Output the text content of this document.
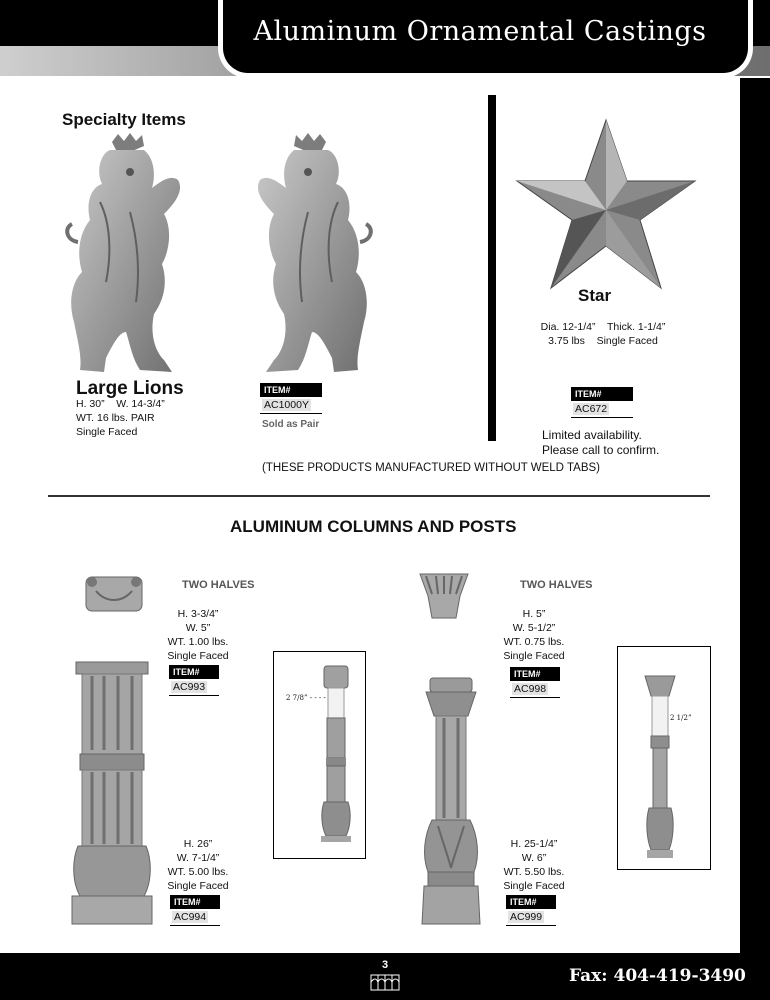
Aluminum Ornamental Castings
Specialty Items
Large Lions
H. 30”    W. 14-3/4”
WT. 16 lbs. PAIR
Single Faced
ITEM#
AC1000Y
Sold as Pair
Star
Dia. 12-1/4”    Thick. 1-1/4”
3.75 lbs    Single Faced
ITEM#
AC672
Limited availability.
Please call to confirm.
(THESE PRODUCTS MANUFACTURED WITHOUT WELD TABS)
ALUMINUM COLUMNS AND POSTS
TWO HALVES
H. 3-3/4”
W. 5”
WT. 1.00 lbs.
Single Faced
ITEM#
AC993
H. 26”
W. 7-1/4”
WT. 5.00 lbs.
Single Faced
ITEM#
AC994
2 7/8” - - - -
TWO HALVES
H. 5”
W. 5-1/2”
WT. 0.75 lbs.
Single Faced
ITEM#
AC998
H. 25-1/4”
W. 6”
WT. 5.50 lbs.
Single Faced
ITEM#
AC999
2 1/2”
3
Fax: 404-419-3490
